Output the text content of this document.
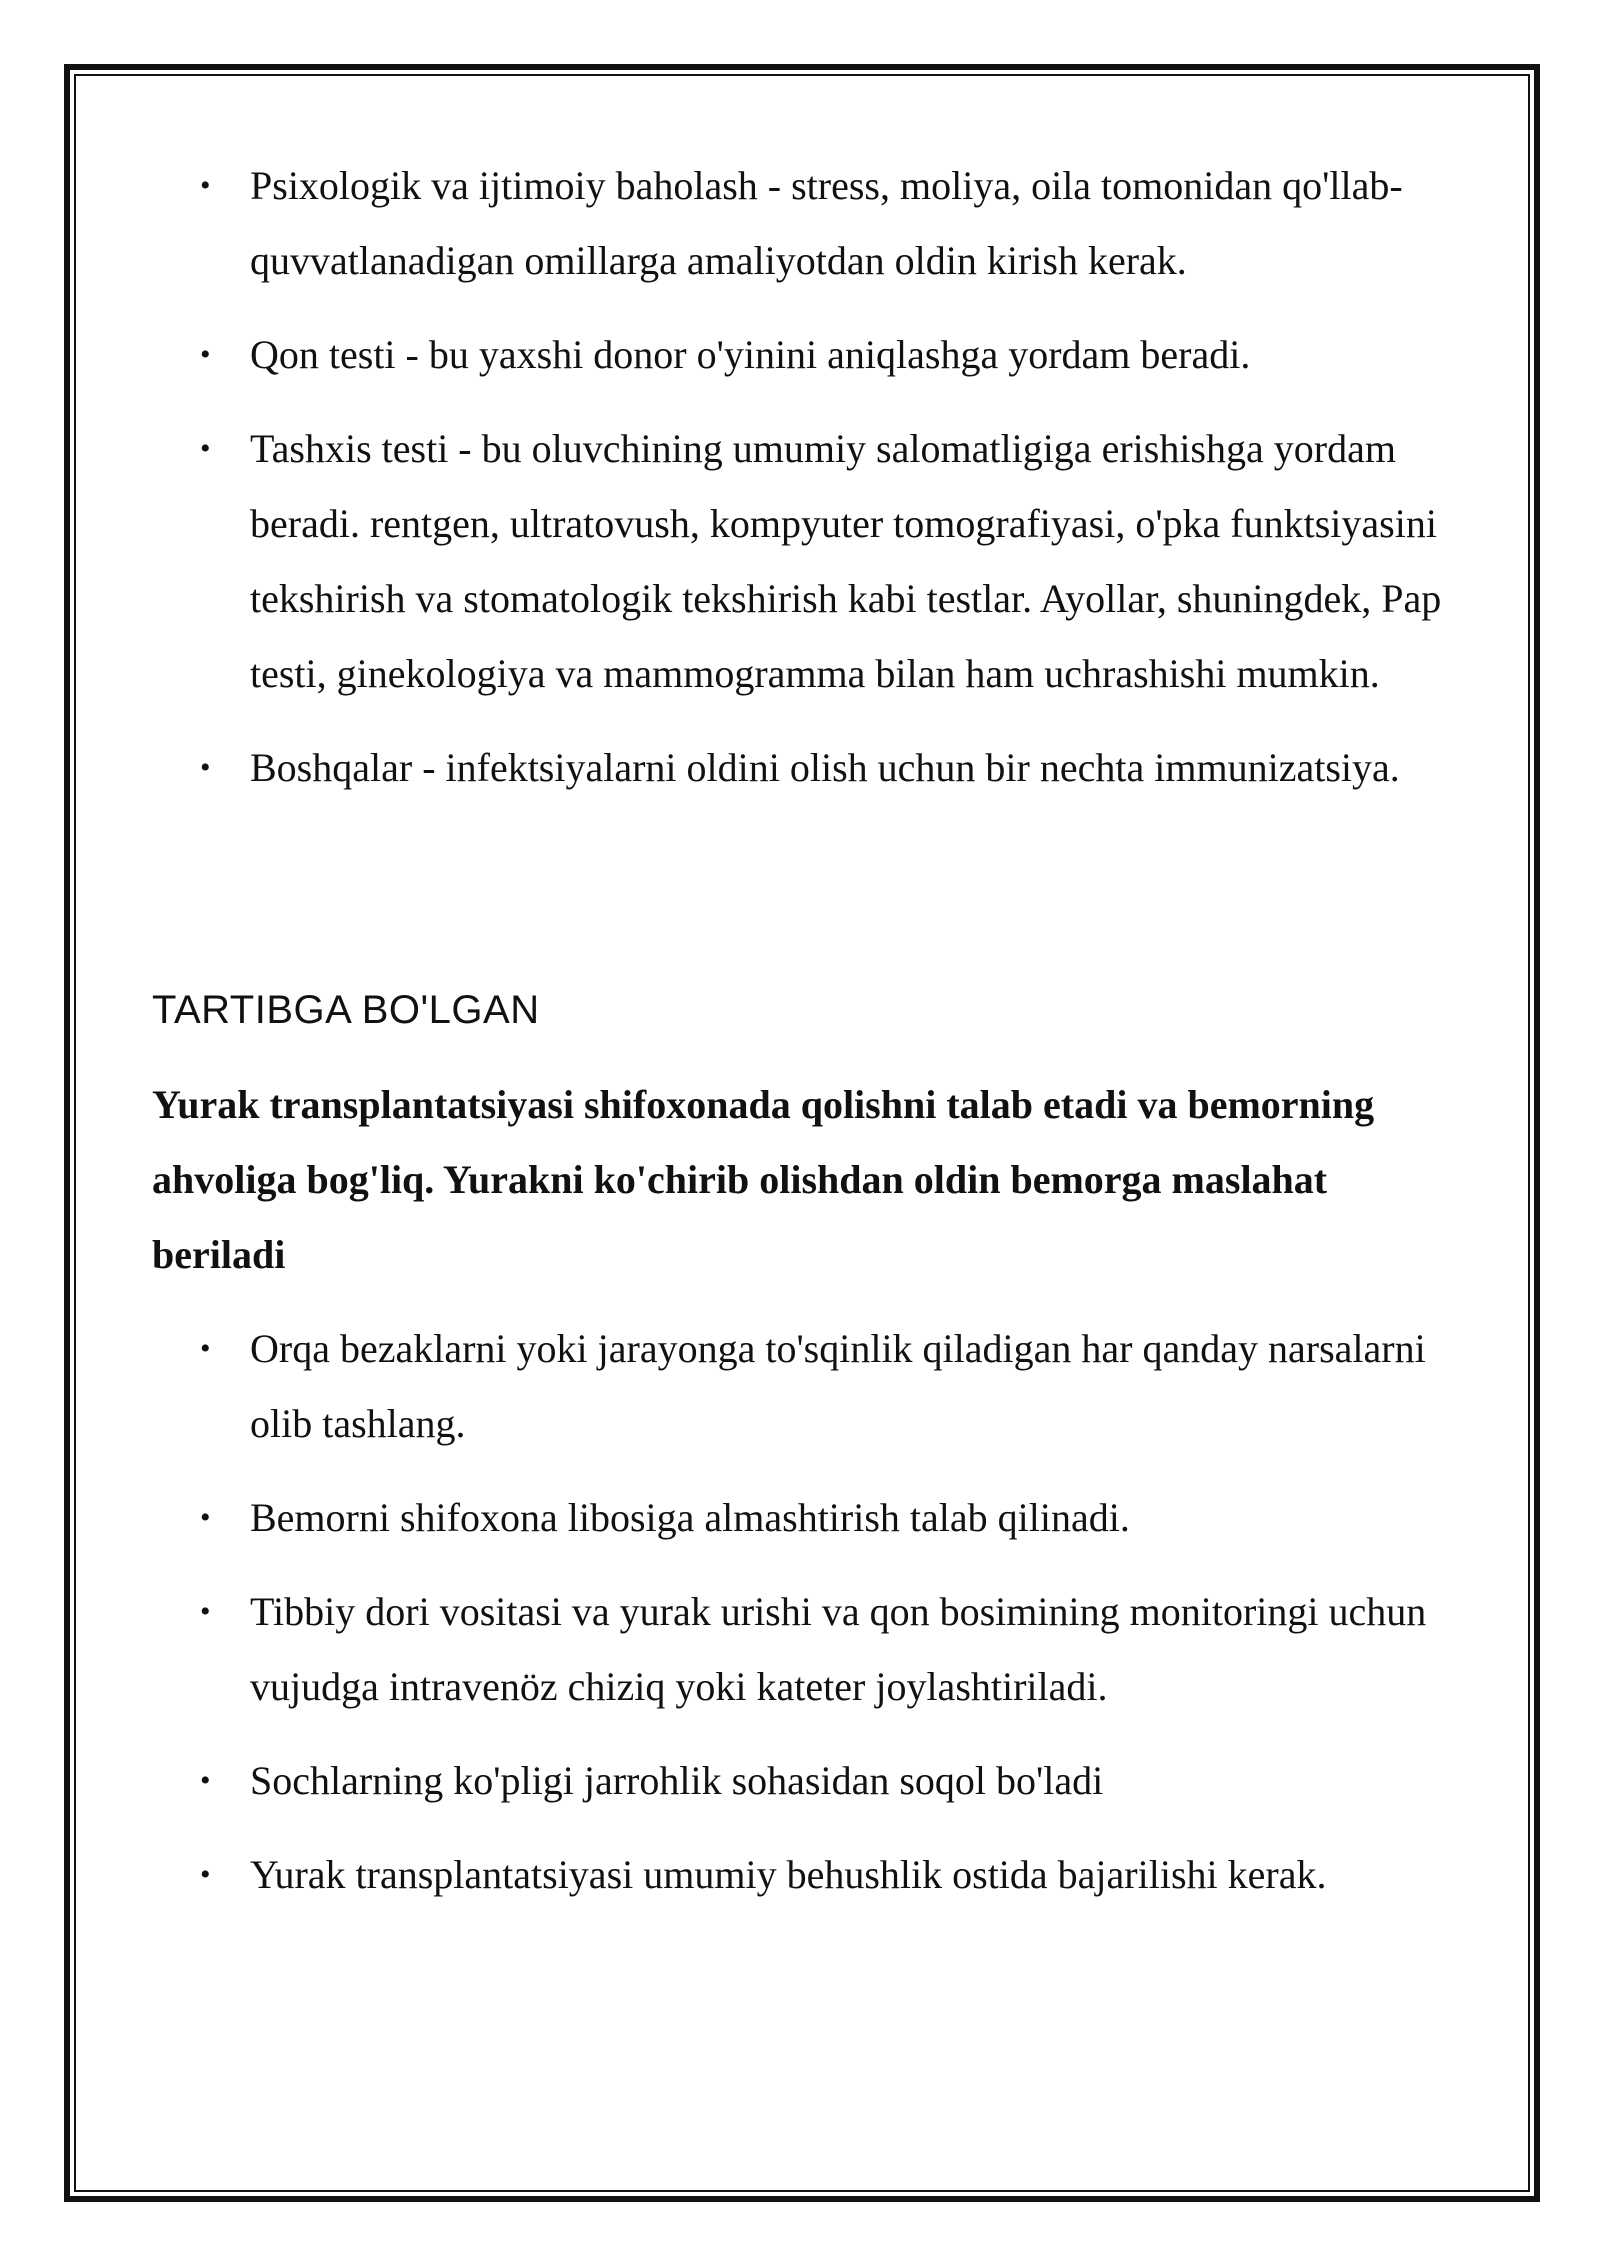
• Psixologik va ijtimoiy baholash - stress, moliya, oila tomonidan qo'llab-quvvatlanadigan omillarga amaliyotdan oldin kirish kerak.
• Qon testi - bu yaxshi donor o'yinini aniqlashga yordam beradi.
• Tashxis testi - bu oluvchining umumiy salomatligiga erishishga yordam beradi. rentgen, ultratovush, kompyuter tomografiyasi, o'pka funktsiyasini tekshirish va stomatologik tekshirish kabi testlar. Ayollar, shuningdek, Pap testi, ginekologiya va mammogramma bilan ham uchrashishi mumkin.
• Boshqalar - infektsiyalarni oldini olish uchun bir nechta immunizatsiya.
TARTIBGA BO'LGAN

Yurak transplantatsiyasi shifoxonada qolishni talab etadi va bemorning ahvoliga bog'liq. Yurakni ko'chirib olishdan oldin bemorga maslahat beriladi

• Orqa bezaklarni yoki jarayonga to'sqinlik qiladigan har qanday narsalarni olib tashlang.
• Bemorni shifoxona libosiga almashtirish talab qilinadi.
• Tibbiy dori vositasi va yurak urishi va qon bosimining monitoringi uchun vujudga intravenöz chiziq yoki kateter joylashtiriladi.
• Sochlarning ko'pligi jarrohlik sohasidan soqol bo'ladi
• Yurak transplantatsiyasi umumiy behushlik ostida bajarilishi kerak.
